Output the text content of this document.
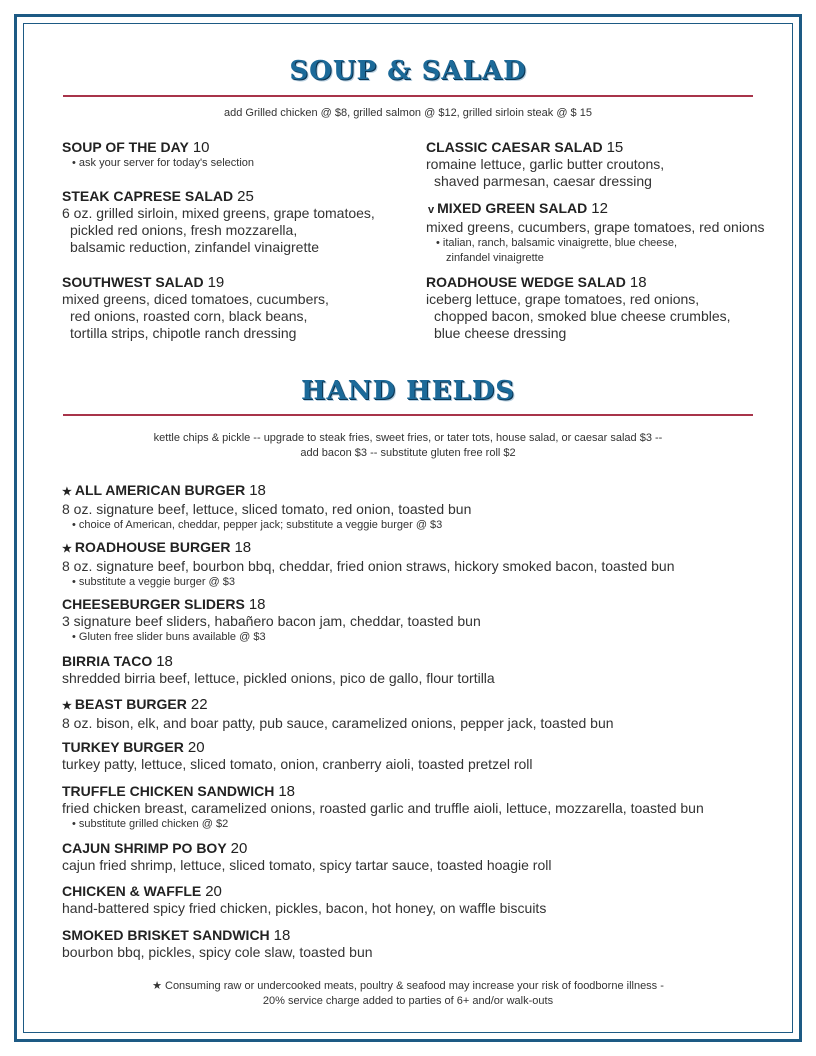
SOUP & SALAD
add Grilled chicken @ $8, grilled salmon @ $12, grilled sirloin steak @ $ 15
SOUP OF THE DAY 10
• ask your server for today's selection
STEAK CAPRESE SALAD 25
6 oz. grilled sirloin, mixed greens, grape tomatoes,
pickled red onions, fresh mozzarella,
balsamic reduction, zinfandel vinaigrette
SOUTHWEST SALAD 19
mixed greens, diced tomatoes, cucumbers,
red onions, roasted corn, black beans,
tortilla strips, chipotle ranch dressing
CLASSIC CAESAR SALAD 15
romaine lettuce, garlic butter croutons,
shaved parmesan, caesar dressing
v MIXED GREEN SALAD 12
mixed greens, cucumbers, grape tomatoes, red onions
• italian, ranch, balsamic vinaigrette, blue cheese,
zinfandel vinaigrette
ROADHOUSE WEDGE SALAD 18
iceberg lettuce, grape tomatoes, red onions,
chopped bacon, smoked blue cheese crumbles,
blue cheese dressing
HAND HELDS
kettle chips & pickle -- upgrade to steak fries, sweet fries, or tater tots, house salad, or caesar salad $3 --
add bacon $3 -- substitute gluten free roll $2
★ ALL AMERICAN BURGER 18
8 oz. signature beef, lettuce, sliced tomato, red onion, toasted bun
• choice of American, cheddar, pepper jack; substitute a veggie burger @ $3
★ ROADHOUSE BURGER 18
8 oz. signature beef, bourbon bbq, cheddar, fried onion straws, hickory smoked bacon, toasted bun
• substitute a veggie burger @ $3
CHEESEBURGER SLIDERS 18
3 signature beef sliders, habañero bacon jam, cheddar, toasted bun
• Gluten free slider buns available @ $3
BIRRIA TACO 18
shredded birria beef, lettuce, pickled onions, pico de gallo, flour tortilla
★ BEAST BURGER 22
8 oz. bison, elk, and boar patty, pub sauce, caramelized onions, pepper jack, toasted bun
TURKEY BURGER 20
turkey patty, lettuce, sliced tomato, onion, cranberry aioli, toasted pretzel roll
TRUFFLE CHICKEN SANDWICH 18
fried chicken breast, caramelized onions, roasted garlic and truffle aioli, lettuce, mozzarella, toasted bun
• substitute grilled chicken @ $2
CAJUN SHRIMP PO BOY 20
cajun fried shrimp, lettuce, sliced tomato, spicy tartar sauce, toasted hoagie roll
CHICKEN & WAFFLE 20
hand-battered spicy fried chicken, pickles, bacon, hot honey, on waffle biscuits
SMOKED BRISKET SANDWICH 18
bourbon bbq, pickles, spicy cole slaw, toasted bun
★ Consuming raw or undercooked meats, poultry & seafood may increase your risk of foodborne illness -
20% service charge added to parties of 6+ and/or walk-outs
